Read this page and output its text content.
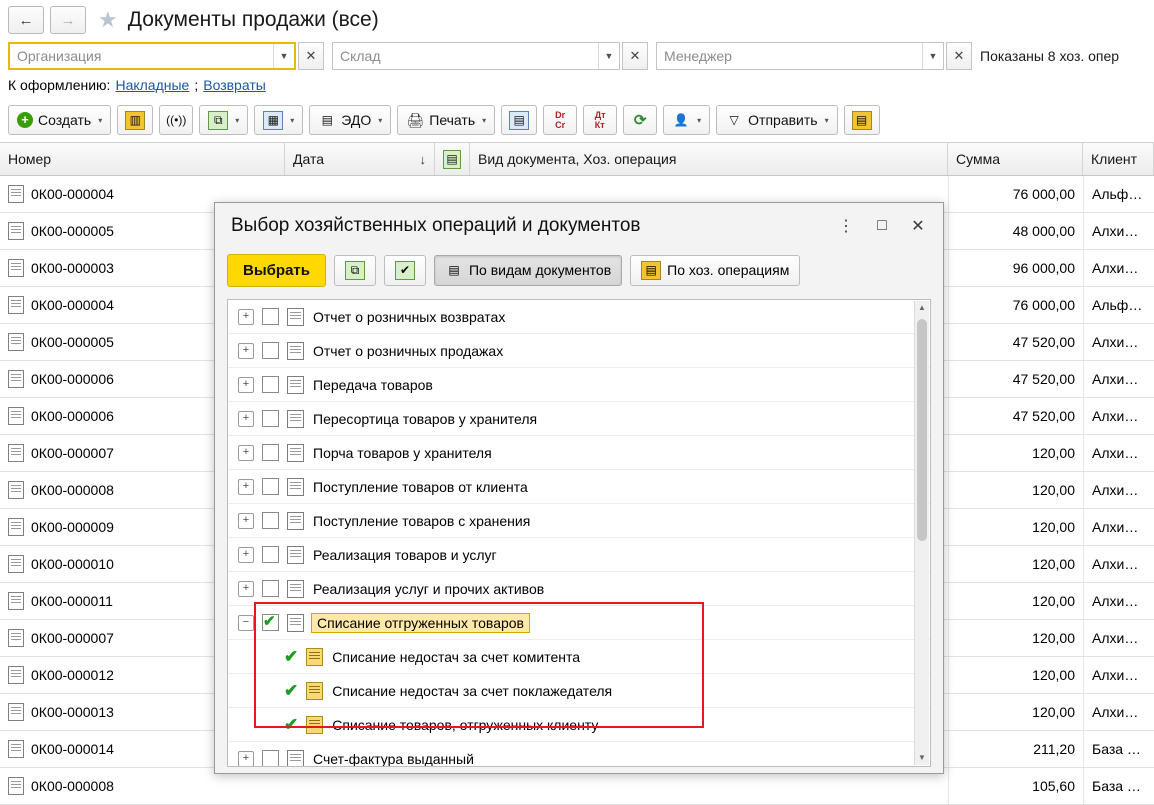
← → ★ Документы продажи (все)
Организация	▼	✕	Склад	▼	✕	Менеджер	▼	✕	Показаны 8 хоз. опер
К оформлению: Накладные ; Возвраты
+ Создать ▾	▥	((•))	⧉	▾	▦	▾ ▤ ЭДО ▾ 🖨 Печать ▾	▤	Dr
Cr
Дт
Кт	⟳ 👤 ▾	▽ Отправить ▾	▤
Номер	Дата	↓ ▤	Вид документа, Хоз. операция	Сумма	Клиент
0К00-000004	76 000,00	Альф…
0К00-000005	48 000,00	Алхи…
0К00-000003	96 000,00	Алхи…
0К00-000004	76 000,00	Альф…
0К00-000005	47 520,00	Алхи…
0К00-000006	47 520,00	Алхи…
0К00-000006	47 520,00	Алхи…
0К00-000007	120,00	Алхи…
0К00-000008	120,00	Алхи…
0К00-000009	120,00	Алхи…
0К00-000010	120,00	Алхи…
0К00-000011	120,00	Алхи…
0К00-000007	120,00	Алхи…
0К00-000012	120,00	Алхи…
0К00-000013	120,00	Алхи…
0К00-000014	211,20	База …
0К00-000008	105,60	База …
Выбор хозяйственных операций и документов	⋮	□	✕
Выбрать	⧉	✔	▤ По видам документов	▤ По хоз. операциям
+	Отчет о розничных возвратах
+	Отчет о розничных продажах
+	Передача товаров
+	Пересортица товаров у хранителя
+	Порча товаров у хранителя
+	Поступление товаров от клиента
+	Поступление товаров с хранения
+	Реализация товаров и услуг
+	Реализация услуг и прочих активов
− ✔	Списание отгруженных товаров
✔ Списание недостач за счет комитента
✔ Списание недостач за счет поклажедателя
✔ Списание товаров, отгруженных клиенту
+	Счет-фактура выданный
▲
▼
